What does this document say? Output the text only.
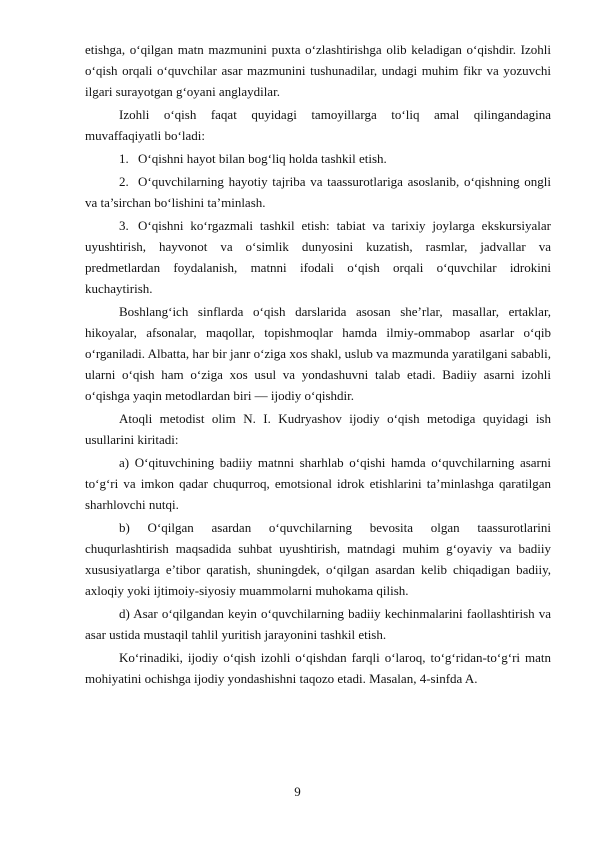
etishga, o‘qilgan matn mazmunini puxta o‘zlashtirishga olib keladigan o‘qishdir. Izohli o‘qish orqali o‘quvchilar asar mazmunini tushunadilar, undagi muhim fikr va yozuvchi ilgari surayotgan g‘oyani anglaydilar.

Izohli o‘qish faqat quyidagi tamoyillarga to‘liq amal qilingandagina muvaffaqiyatli bo‘ladi:

1. O‘qishni hayot bilan bog‘liq holda tashkil etish.

2. O‘quvchilarning hayotiy tajriba va taassurotlariga asoslanib, o‘qishning ongli va ta’sirchan bo‘lishini ta’minlash.

3. O‘qishni ko‘rgazmali tashkil etish: tabiat va tarixiy joylarga ekskursiyalar uyushtirish, hayvonot va o‘simlik dunyosini kuzatish, rasmlar, jadvallar va predmetlardan foydalanish, matnni ifodali o‘qish orqali o‘quvchilar idrokini kuchaytirish.

Boshlang‘ich sinflarda o‘qish darslarida asosan she’rlar, masallar, ertaklar, hikoyalar, afsonalar, maqollar, topishmoqlar hamda ilmiy-ommabop asarlar o‘qib o‘rganiladi. Albatta, har bir janr o‘ziga xos shakl, uslub va mazmunda yaratilgani sababli, ularni o‘qish ham o‘ziga xos usul va yondashuvni talab etadi. Badiiy asarni izohli o‘qishga yaqin metodlardan biri — ijodiy o‘qishdir.

Atoqli metodist olim N. I. Kudryashov ijodiy o‘qish metodiga quyidagi ish usullarini kiritadi:

a) O‘qituvchining badiiy matnni sharhlab o‘qishi hamda o‘quvchilarning asarni to‘g‘ri va imkon qadar chuqurroq, emotsional idrok etishlarini ta’minlashga qaratilgan sharhlovchi nutqi.

b) O‘qilgan asardan o‘quvchilarning bevosita olgan taassurotlarini chuqurlashtirish maqsadida suhbat uyushtirish, matndagi muhim g‘oyaviy va badiiy xususiyatlarga e’tibor qaratish, shuningdek, o‘qilgan asardan kelib chiqadigan badiiy, axloqiy yoki ijtimoiy-siyosiy muammolarni muhokama qilish.

d) Asar o‘qilgandan keyin o‘quvchilarning badiiy kechinmalarini faollashtirish va asar ustida mustaqil tahlil yuritish jarayonini tashkil etish.

Ko‘rinadiki, ijodiy o‘qish izohli o‘qishdan farqli o‘laroq, to‘g‘ridan-to‘g‘ri matn mohiyatini ochishga ijodiy yondashishni taqozo etadi. Masalan, 4-sinfda A.

9
